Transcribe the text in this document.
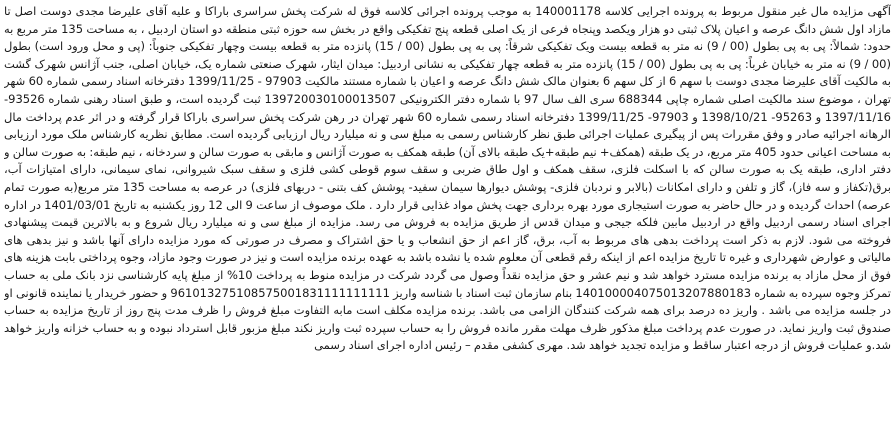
آگهی مزایده مال غیر منقول مربوط به پرونده اجرایی کلاسه 140001178 به موجب پرونده اجرائی کلاسه فوق له شرکت پخش سراسری باراکا و علیه آقای علیرضا مجدی دوست اصل تا مازاد اول شش دانگ عرصه و اعیان پلاک ثبتی دو هزار ویکصد وپنجاه فرعی از یک اصلی قطعه پنج تفکیکی واقع در بخش سه حوزه ثبتی منطقه دو استان اردبیل ، به مساحت 135 متر مربع به حدود: شمالاً: پی به پی بطول (00 / 9) نه متر به قطعه بیست ویک تفکیکی شرقاً: پی به پی بطول (00 / 15) پانزده متر به قطعه بیست وچهار تفکیکی جنوباً: (پی و محل ورود است) بطول (00 / 9) نه متر به خیابان غرباً: پی به پی بطول (00 / 15) پانزده متر به قطعه چهار تفکیکی به نشانی اردبیل: میدان ایثار، شهرک صنعتی شماره یک، خیابان اصلی، جنب آژانس شهرک گشت به مالکیت آقای علیرضا مجدی دوست با سهم 6 از کل سهم 6 بعنوان مالک شش دانگ عرصه و اعیان با شماره مستند مالکیت 97903 - 1399/11/25 دفترخانه اسناد رسمی شماره 60 شهر تهران ، موضوع سند مالکیت اصلی شماره چاپی 688344 سری الف سال 97 با شماره دفتر الکترونیکی 139720030100013507 ثبت گردیده است، و طبق اسناد رهنی شماره 93526-1397/11/16 و 95263- 1398/10/21 و 97903- 1399/11/25 دفترخانه اسناد رسمی شماره 60 شهر تهران در رهن شرکت پخش سراسری باراکا قرار گرفته و در اثر عدم پرداخت مال الرهانه اجرائیه صادر و وفق مقررات پس از پیگیری عملیات اجرائی طبق نظر کارشناس رسمی به مبلغ سی و نه میلیارد ریال ارزیابی گردیده است. مطابق نظریه کارشناس ملک مورد ارزیابی به مساحت اعیانی حدود 405 متر مربع، در یک طبقه (همکف+ نیم طبقه+یک طبقه بالای آن) طبقه همکف به صورت آژانس و مابقی به صورت سالن و سردخانه ، نیم طبقه: به صورت سالن و دفتر اداری، طبقه یک به صورت سالن که با اسکلت فلزی، سقف همکف و اول طاق ضربی و سقف سوم قوطی کشی فلزی و سقف سبک شیروانی، نمای سیمانی، دارای امتیازات آب، برق(تکفاز و سه فاز)، گاز و تلفن و دارای امکانات (بالابر و نردبان فلزی- پوشش دیوارها سیمان سفید- پوشش کف بتنی - دربهای فلزی) در عرصه به مساحت 135 متر مربع(به صورت تمام عرصه) احداث گردیده و در حال حاضر به صورت استیجاری مورد بهره برداری جهت پخش مواد غذایی قرار دارد . ملک موصوف از ساعت 9 الی 12 روز یکشنبه به تاریخ 1401/03/01 در اداره اجرای اسناد رسمی اردبیل واقع در اردبیل مابین فلکه جیجی و میدان قدس از طریق مزایده به فروش می رسد. مزایده از مبلغ سی و نه میلیارد ریال شروع و به بالاترین قیمت پیشنهادی فروخته می شود. لازم به ذکر است پرداخت بدهی های مربوط به آب، برق، گاز اعم از حق انشعاب و یا حق اشتراک و مصرف در صورتی که مورد مزایده دارای آنها باشد و نیز بدهی های مالیاتی و عوارض شهرداری و غیره تا تاریخ مزایده اعم از اینکه رقم قطعی آن معلوم شده یا نشده باشد به عهده برنده مزایده است و نیز در صورت وجود مازاد، وجوه پرداختی بابت هزینه های فوق از محل مازاد به برنده مزایده مسترد خواهد شد و نیم عشر و حق مزایده نقداً وصول می گردد شرکت در مزایده منوط به پرداخت 10% از مبلغ پایه کارشناسی نزد بانک ملی به حساب تمرکز وجوه سپرده به شماره 140100004075013207880183 بنام سازمان ثبت اسناد با شناسه واریز 961013275108575001831111111111 و حضور خریدار یا نماینده قانونی او در جلسه مزایده می باشد . واریز ده درصد برای همه شرکت کنندگان الزامی می باشد. برنده مزایده مکلف است مابه التفاوت مبلغ فروش را ظرف مدت پنج روز از تاریخ مزایده به حساب صندوق ثبت واریز نماید. در صورت عدم پرداخت مبلغ مذکور ظرف مهلت مقرر مانده فروش را به حساب سپرده ثبت واریز نکند مبلغ مزبور قابل استرداد نبوده و به حساب خزانه واریز خواهد شد.و عملیات فروش از درجه اعتبار ساقط و مزایده تجدید خواهد شد. مهری کشفی مقدم – رئیس اداره اجرای اسناد رسمی
